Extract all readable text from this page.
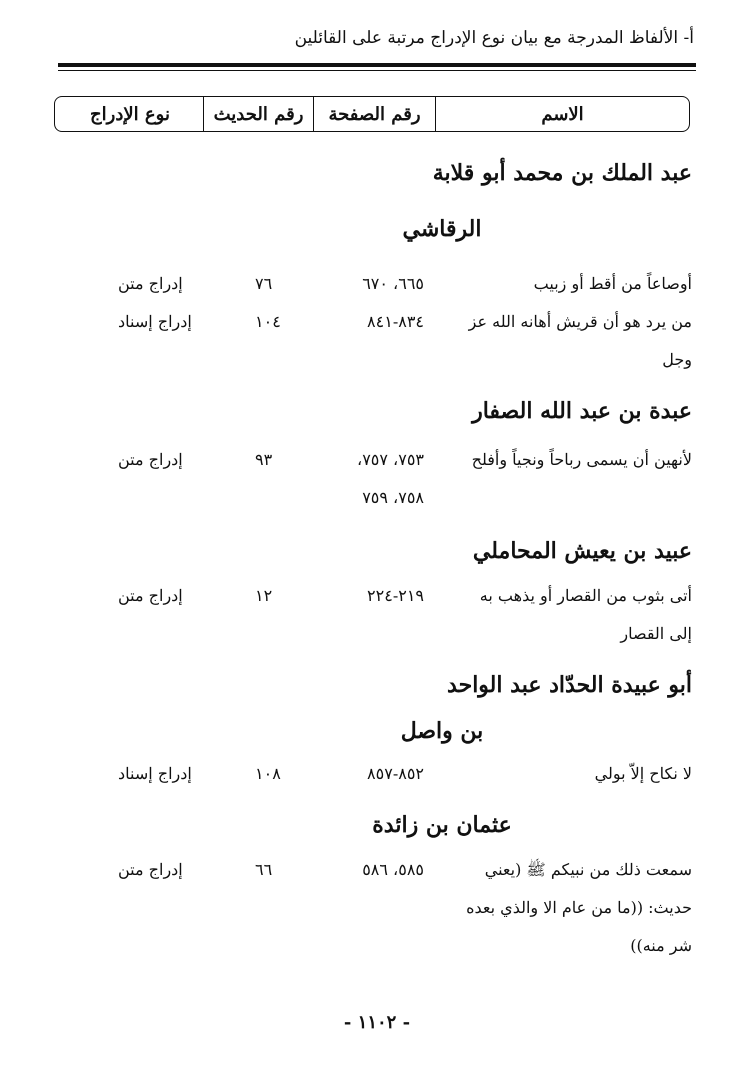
أ- الألفاظ المدرجة مع بيان نوع الإدراج مرتبة على القائلين
الاسم
رقم الصفحة
رقم الحديث
نوع الإدراج
عبد الملك بن محمد أبو قلابة
الرقاشي
أوصاعاً من أقط أو زبيب
٦٦٥، ٦٧٠
٧٦
إدراج متن
من يرد هو أن قريش أهانه الله عز
وجل
٨٣٤-٨٤١
١٠٤
إدراج إسناد
عبدة بن عبد الله الصفار
لأنهين أن يسمى رباحاً ونجياً وأفلح
٧٥٣، ٧٥٧،
٧٥٨، ٧٥٩
٩٣
إدراج متن
عبيد بن يعيش المحاملي
أتى بثوب من القصار أو يذهب به
إلى القصار
٢١٩-٢٢٤
١٢
إدراج متن
أبو عبيدة الحدّاد عبد الواحد
بن واصل
لا نكاح إلاّ بولي
٨٥٢-٨٥٧
١٠٨
إدراج إسناد
عثمان بن زائدة
سمعت ذلك من نبيكم ﷺ (يعني
حديث: ((ما من عام الا والذي بعده
شر منه))
٥٨٥، ٥٨٦
٦٦
إدراج متن
- ١١٠٢ -
